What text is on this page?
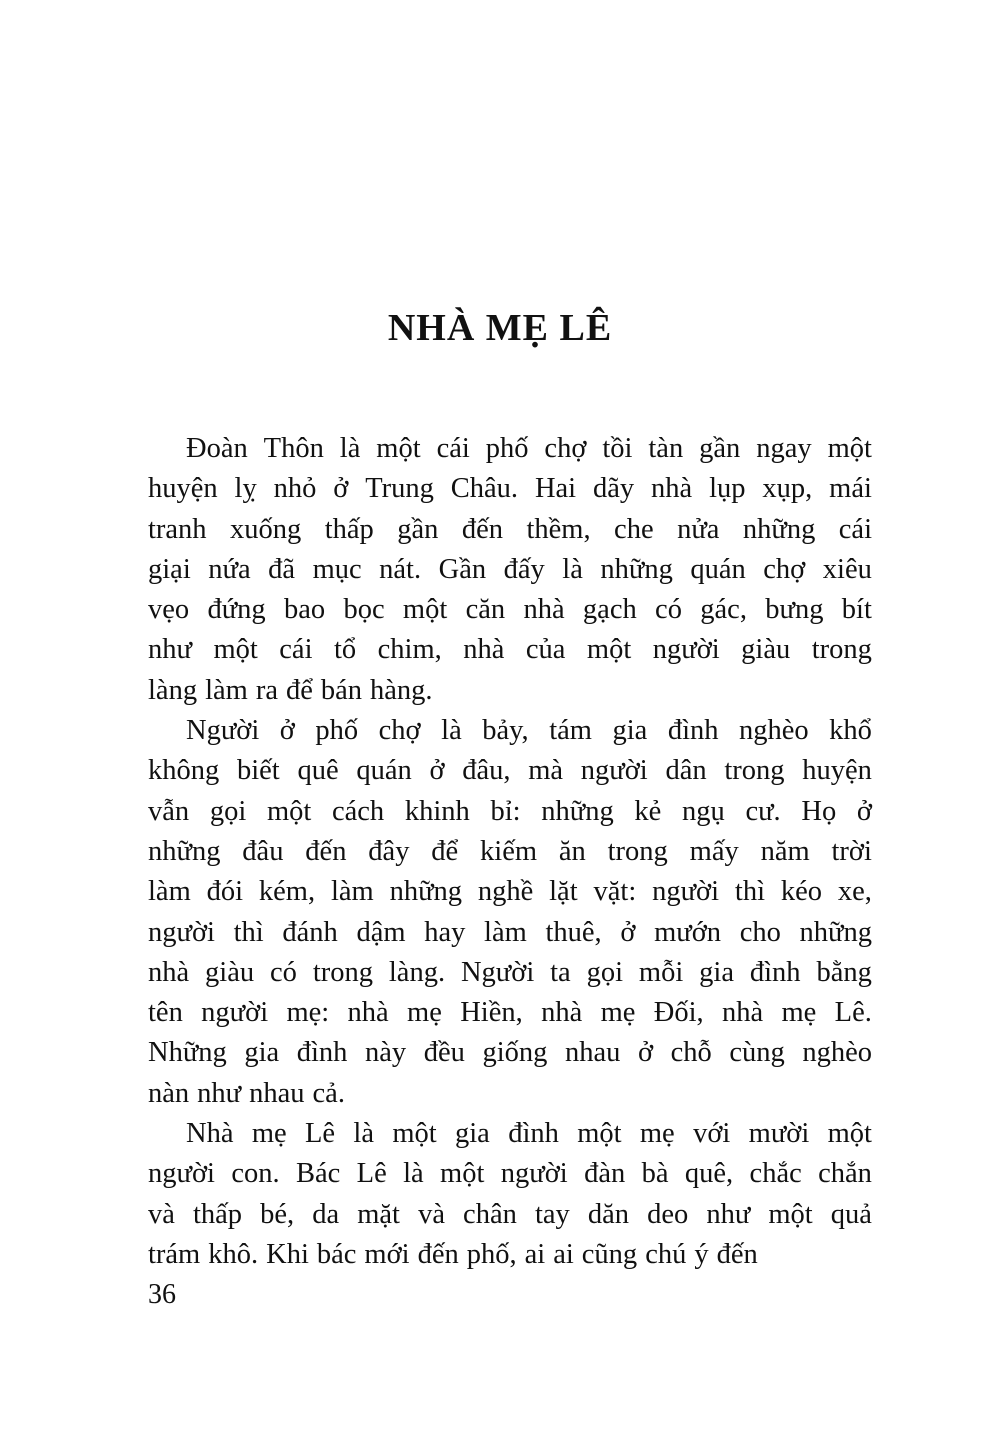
NHÀ MẸ LÊ
Đoàn Thôn là một cái phố chợ tồi tàn gần ngay một
huyện lỵ nhỏ ở Trung Châu. Hai dãy nhà lụp xụp, mái
tranh xuống thấp gần đến thềm, che nửa những cái
giại nứa đã mục nát. Gần đấy là những quán chợ xiêu
vẹo đứng bao bọc một căn nhà gạch có gác, bưng bít
như một cái tổ chim, nhà của một người giàu trong
làng làm ra để bán hàng.
Người ở phố chợ là bảy, tám gia đình nghèo khổ
không biết quê quán ở đâu, mà người dân trong huyện
vẫn gọi một cách khinh bỉ: những kẻ ngụ cư. Họ ở
những đâu đến đây để kiếm ăn trong mấy năm trời
làm đói kém, làm những nghề lặt vặt: người thì kéo xe,
người thì đánh dậm hay làm thuê, ở mướn cho những
nhà giàu có trong làng. Người ta gọi mỗi gia đình bằng
tên người mẹ: nhà mẹ Hiền, nhà mẹ Đối, nhà mẹ Lê.
Những gia đình này đều giống nhau ở chỗ cùng nghèo
nàn như nhau cả.
Nhà mẹ Lê là một gia đình một mẹ với mười một
người con. Bác Lê là một người đàn bà quê, chắc chắn
và thấp bé, da mặt và chân tay dăn deo như một quả
trám khô. Khi bác mới đến phố, ai ai cũng chú ý đến
36
